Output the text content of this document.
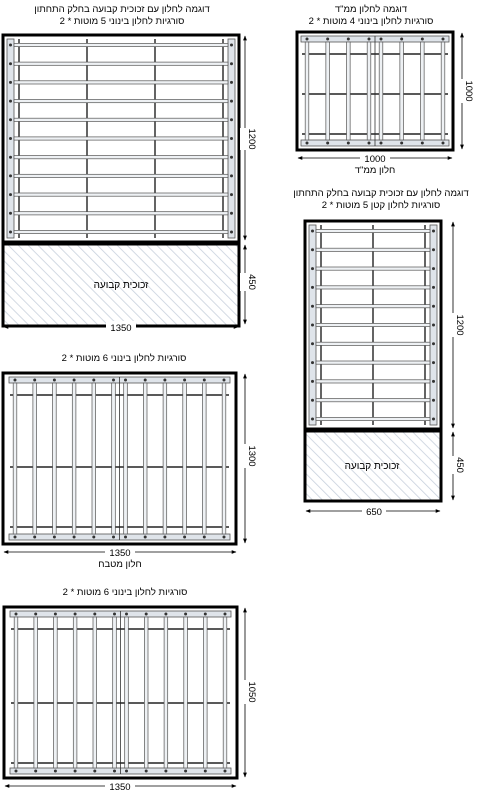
דוגמה לחלון עם זכוכית קבועה בחלק התחתון
2 * סורגיות לחלון בינוני 5 מוטות
זכוכית קבועה
1200
450
1350
דוגמה לחלון ממ"ד
2 * סורגיות לחלון בינוני 4 מוטות
1000
1000
חלון ממ"ד
2 * סורגיות לחלון בינוני 6 מוטות
1300
1350
חלון מטבח
דוגמה לחלון עם זכוכית קבועה בחלק התחתון
2 * סורגיות לחלון קטן 5 מוטות
זכוכית קבועה
1200
450
650
2 * סורגיות לחלון בינוני 6 מוטות
1050
1350
